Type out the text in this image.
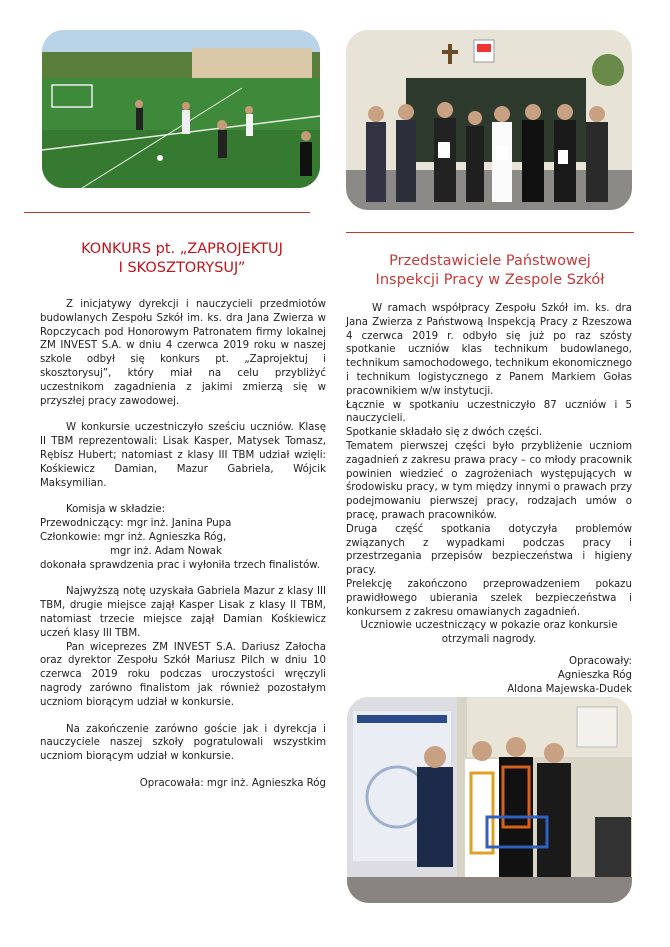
KONKURS pt. „ZAPROJEKTUJ
I SKOSZTORYSUJ”	Przedstawiciele Państwowej
Inspekcji Pracy w Zespole Szkół

Z inicjatywy dyrekcji i nauczycieli przedmiotów budowlanych Zespołu Szkół im. ks. dra Jana Zwierza w Ropczycach pod Honorowym Patronatem firmy lokalnej ZM INVEST S.A. w dniu 4 czerwca 2019 roku w naszej szkole odbył się konkurs pt. „Zaprojektuj i skosztorysuj”, który miał na celu przybliżyć uczestnikom zagadnienia z jakimi zmierzą się w przyszłej pracy zawodowej.

W konkursie uczestniczyło sześciu uczniów. Klasę II TBM reprezentowali: Lisak Kasper, Matysek Tomasz, Rębisz Hubert; natomiast z klasy III TBM udział wzięli: Kośkiewicz Damian, Mazur Gabriela, Wójcik Maksymilian.

Komisja w składzie:

Przewodniczący: mgr inż. Janina Pupa

Członkowie: mgr inż. Agnieszka Róg,

mgr inż. Adam Nowak

dokonała sprawdzenia prac i wyłoniła trzech finalistów.

Najwyższą notę uzyskała Gabriela Mazur z klasy III TBM, drugie miejsce zajął Kasper Lisak z klasy II TBM, natomiast trzecie miejsce zajął Damian Kośkiewicz uczeń klasy III TBM.

Pan wiceprezes ZM INVEST S.A. Dariusz Załocha oraz dyrektor Zespołu Szkół Mariusz Pilch w dniu 10 czerwca 2019 roku podczas uroczystości wręczyli nagrody zarówno finalistom jak również pozostałym uczniom biorącym udział w konkursie.

Na zakończenie zarówno goście jak i dyrekcja i nauczyciele naszej szkoły pogratulowali wszystkim uczniom biorącym udział w konkursie.

Opracowała: mgr inż. Agnieszka Róg

W ramach współpracy Zespołu Szkół im. ks. dra Jana Zwierza z Państwową Inspekcją Pracy z Rzeszowa 4 czerwca 2019 r. odbyło się już po raz szósty spotkanie uczniów klas technikum budowlanego, technikum samochodowego, technikum ekonomicznego i technikum logistycznego z Panem Markiem Gołas pracownikiem w/w instytucji.

Łącznie w spotkaniu uczestniczyło 87 uczniów i 5 nauczycieli.

Spotkanie składało się z dwóch części.

Tematem pierwszej części było przybliżenie uczniom zagadnień z zakresu prawa pracy – co młody pracownik powinien wiedzieć o zagrożeniach występujących w środowisku pracy, w tym między innymi o prawach przy podejmowaniu pierwszej pracy, rodzajach umów o pracę, prawach pracowników.

Druga część spotkania dotyczyła problemów związanych z wypadkami podczas pracy i przestrzegania przepisów bezpieczeństwa i higieny pracy.

Prelekcję zakończono przeprowadzeniem pokazu prawidłowego ubierania szelek bezpieczeństwa i konkursem z zakresu omawianych zagadnień.

Uczniowie uczestniczący w pokazie oraz konkursie otrzymali nagrody.

Opracowały:

Agnieszka Róg

Aldona Majewska-Dudek
